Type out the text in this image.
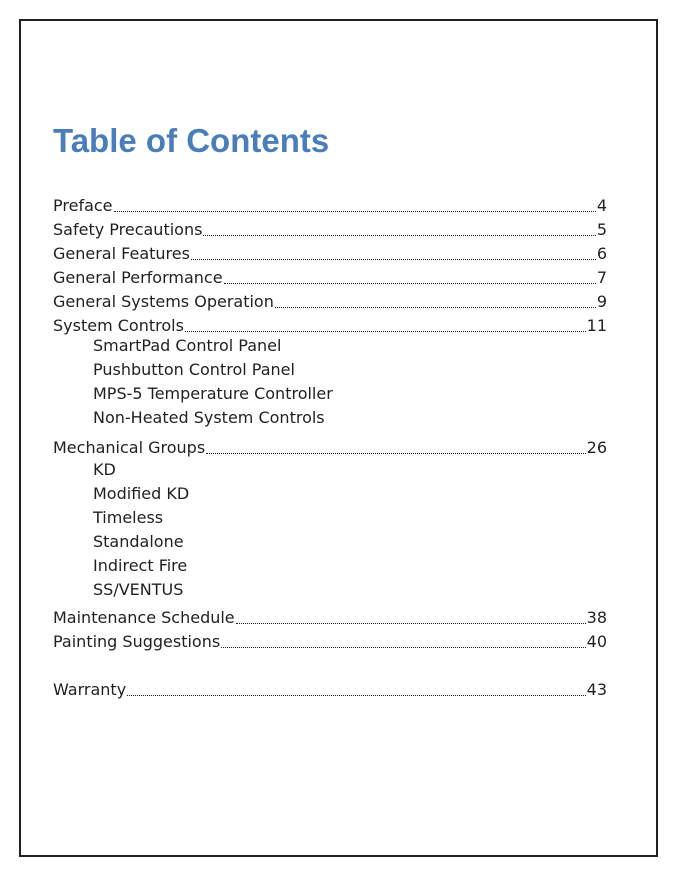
Table of Contents
Preface	4
Safety Precautions	5
General Features	6
General Performance	7
General Systems Operation	9
System Controls	11
SmartPad Control Panel
Pushbutton Control Panel
MPS-5 Temperature Controller
Non-Heated System Controls
Mechanical Groups	26
KD
Modified KD
Timeless
Standalone
Indirect Fire
SS/VENTUS
Maintenance Schedule	38
Painting Suggestions	40
Warranty	43
